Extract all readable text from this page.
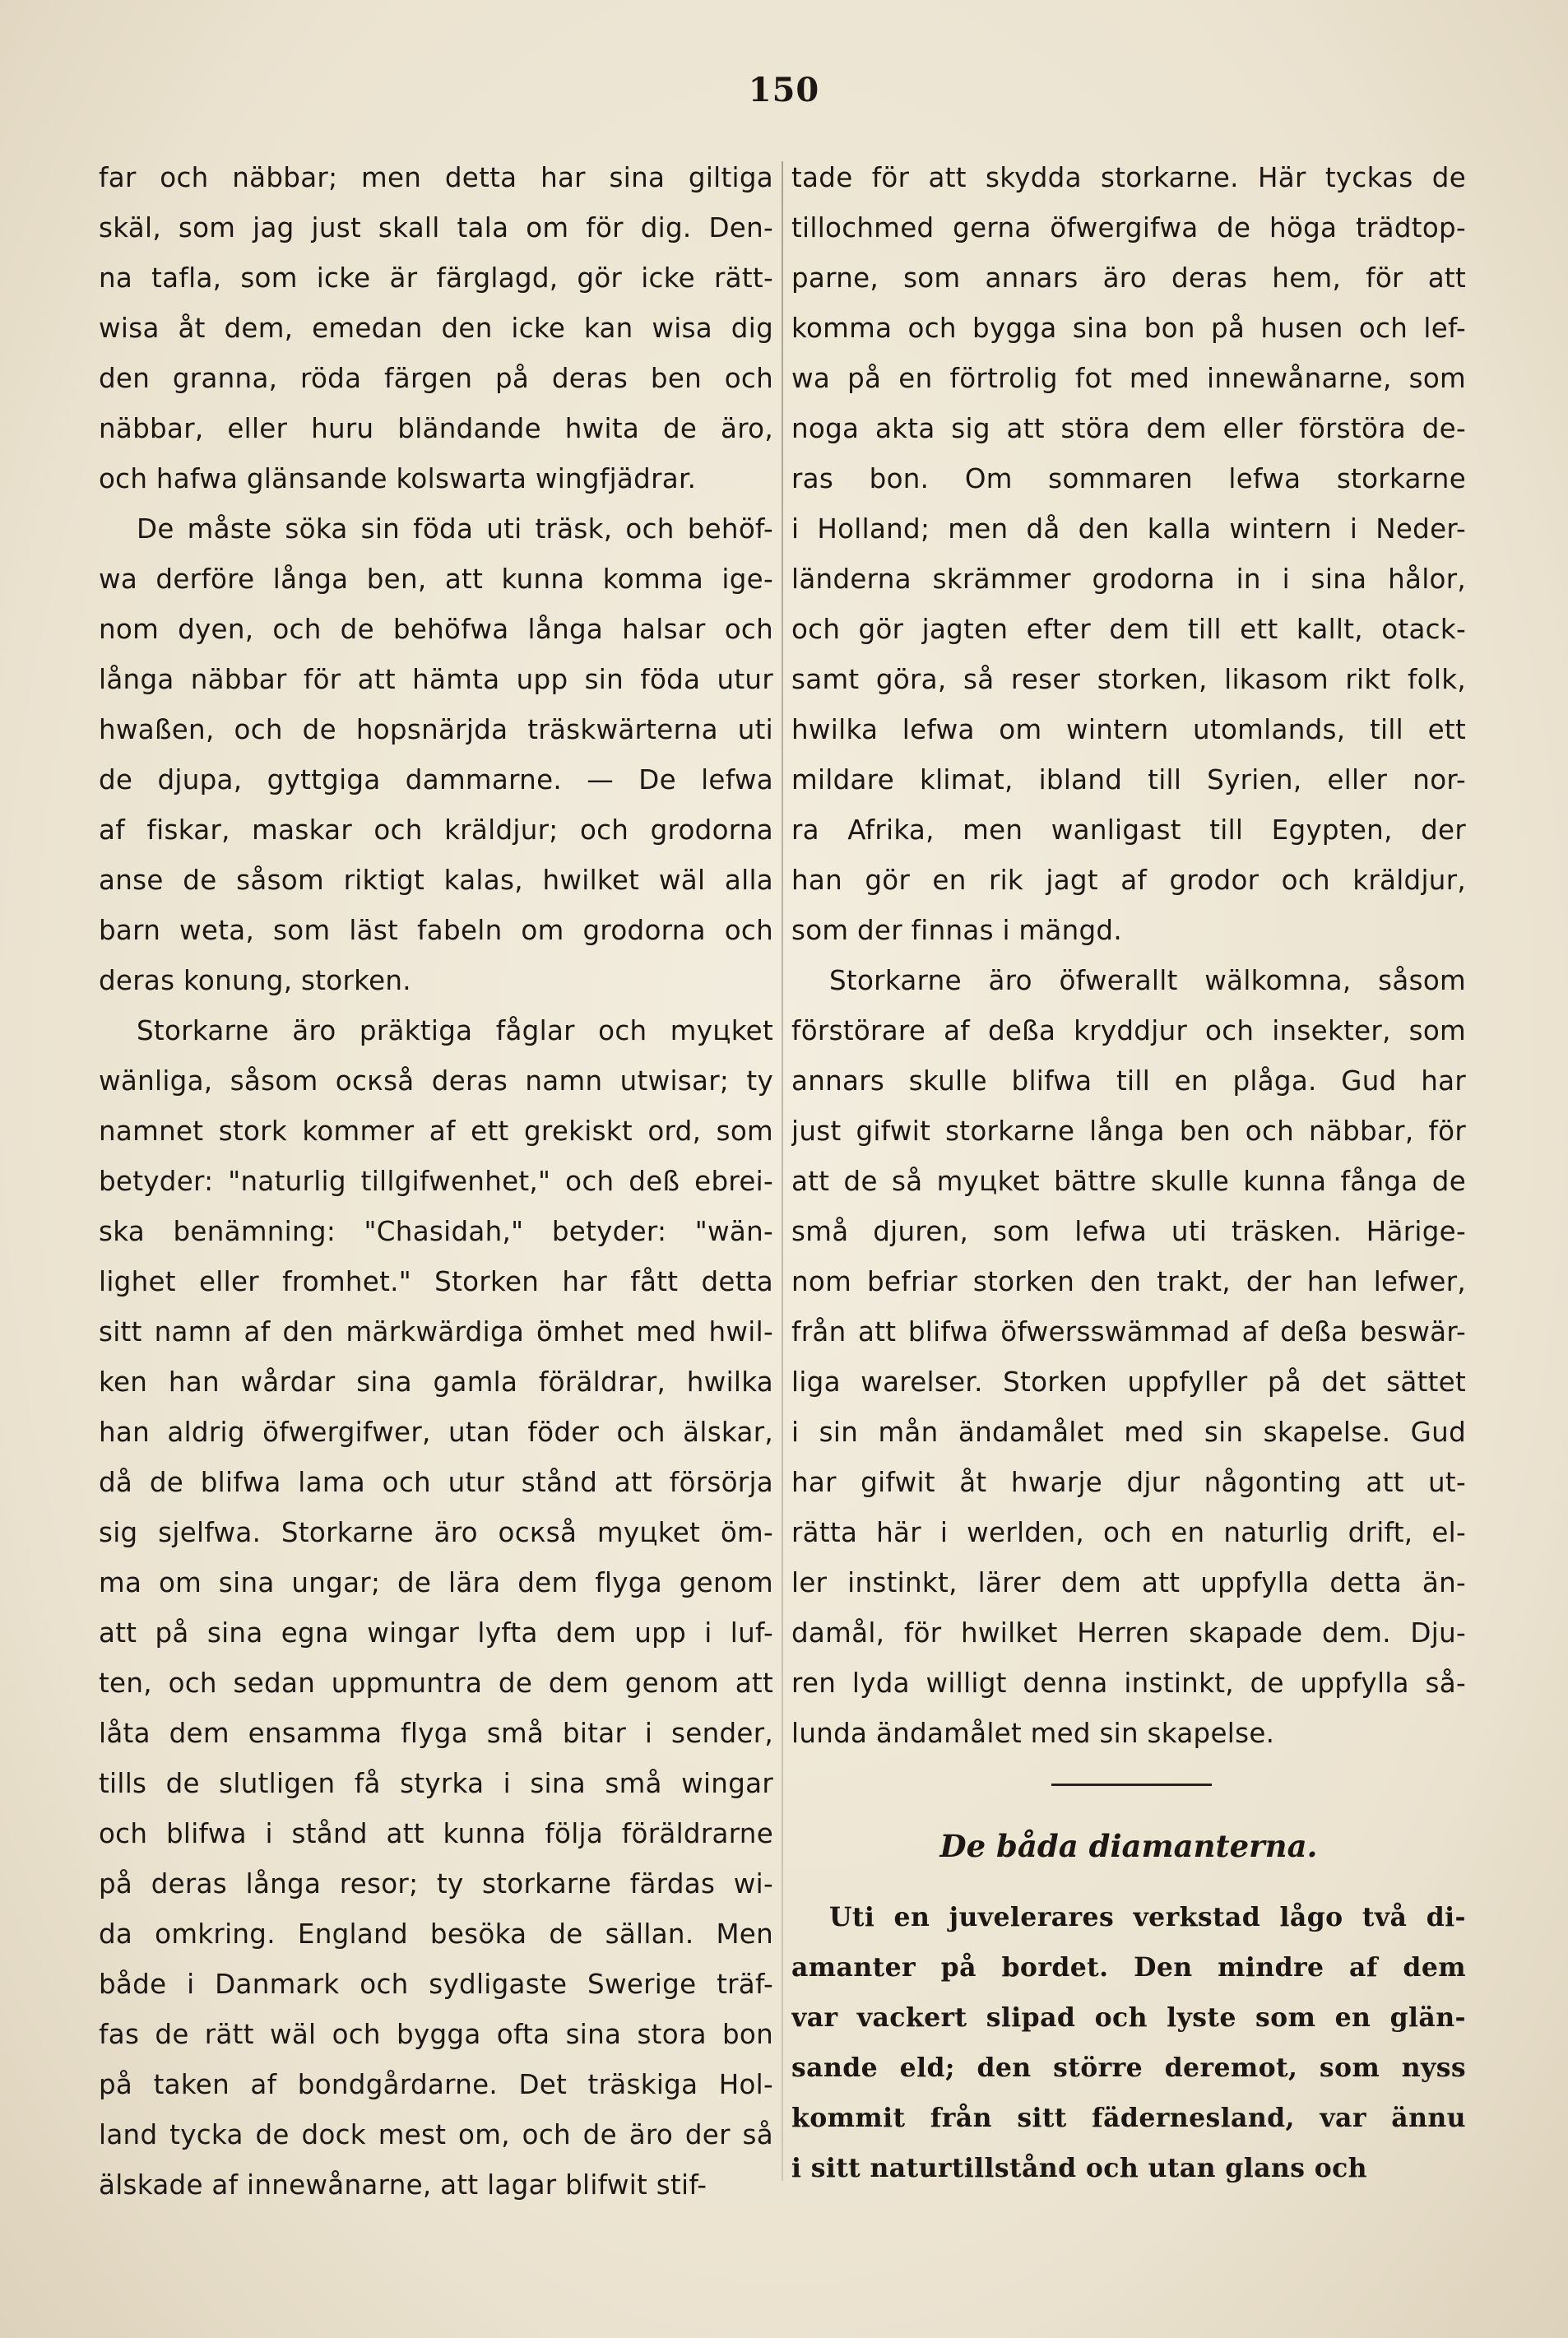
150
far och näbbar; men detta har sina giltiga
skäl, som jag just skall tala om för dig. Den-
na tafla, som icke är färglagd, gör icke rätt-
wisa åt dem, emedan den icke kan wisa dig
den granna, röda färgen på deras ben och
näbbar, eller huru bländande hwita de äro,
och hafwa glänsande kolswarta wingfjädrar.
De måste söka sin föda uti träsk, och behöf-
wa derföre långa ben, att kunna komma ige-
nom dyen, och de behöfwa långa halsar och
långa näbbar för att hämta upp sin föda utur
hwaßen, och de hopsnärjda träskwärterna uti
de djupa, gyttgiga dammarne. — De lefwa
af fiskar, maskar och kräldjur; och grodorna
anse de såsom riktigt kalas, hwilket wäl alla
barn weta, som läst fabeln om grodorna och
deras konung, storken.
Storkarne äro präktiga fåglar och myцket
wänliga, såsom ocкså deras namn utwisar; ty
namnet stork kommer af ett grekiskt ord, som
betyder: "naturlig tillgifwenhet," och deß ebrei-
ska benämning: "Chasidah," betyder: "wän-
lighet eller fromhet." Storken har fått detta
sitt namn af den märkwärdiga ömhet med hwil-
ken han wårdar sina gamla föräldrar, hwilka
han aldrig öfwergifwer, utan föder och älskar,
då de blifwa lama och utur stånd att försörja
sig sjelfwa. Storkarne äro ocкså myцket öm-
ma om sina ungar; de lära dem flyga genom
att på sina egna wingar lyfta dem upp i luf-
ten, och sedan uppmuntra de dem genom att
låta dem ensamma flyga små bitar i sender,
tills de slutligen få styrka i sina små wingar
och blifwa i stånd att kunna följa föräldrarne
på deras långa resor; ty storkarne färdas wi-
da omkring. England besöka de sällan. Men
både i Danmark och sydligaste Swerige träf-
fas de rätt wäl och bygga ofta sina stora bon
på taken af bondgårdarne. Det träskiga Hol-
land tycka de dock mest om, och de äro der så
älskade af innewånarne, att lagar blifwit stif-
tade för att skydda storkarne. Här tyckas de
tillochmed gerna öfwergifwa de höga trädtop-
parne, som annars äro deras hem, för att
komma och bygga sina bon på husen och lef-
wa på en förtrolig fot med innewånarne, som
noga akta sig att störa dem eller förstöra de-
ras bon. Om sommaren lefwa storkarne
i Holland; men då den kalla wintern i Neder-
länderna skrämmer grodorna in i sina hålor,
och gör jagten efter dem till ett kallt, otack-
samt göra, så reser storken, likasom rikt folk,
hwilka lefwa om wintern utomlands, till ett
mildare klimat, ibland till Syrien, eller nor-
ra Afrika, men wanligast till Egypten, der
han gör en rik jagt af grodor och kräldjur,
som der finnas i mängd.
Storkarne äro öfwerallt wälkomna, såsom
förstörare af deßa kryddjur och insekter, som
annars skulle blifwa till en plåga. Gud har
just gifwit storkarne långa ben och näbbar, för
att de så myцket bättre skulle kunna fånga de
små djuren, som lefwa uti träsken. Härige-
nom befriar storken den trakt, der han lefwer,
från att blifwa öfwersswämmad af deßa beswär-
liga warelser. Storken uppfyller på det sättet
i sin mån ändamålet med sin skapelse. Gud
har gifwit åt hwarje djur någonting att ut-
rätta här i werlden, och en naturlig drift, el-
ler instinkt, lärer dem att uppfylla detta än-
damål, för hwilket Herren skapade dem. Dju-
ren lyda willigt denna instinkt, de uppfylla så-
lunda ändamålet med sin skapelse.
De båda diamanterna.
Uti en juvelerares verkstad lågo två di-
amanter på bordet. Den mindre af dem
var vackert slipad och lyste som en glän-
sande eld; den större deremot, som nyss
kommit från sitt fädernesland, var ännu
i sitt naturtillstånd och utan glans och
